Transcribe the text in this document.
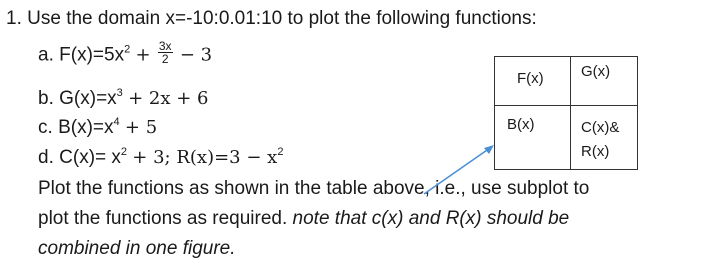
1. Use the domain x=-10:0.01:10 to plot the following functions:
a. $F(x)=5x^2 + \frac{3x}{2} - 3$
b. $G(x)=x^3 + 2x + 6$
c. $B(x)=x^4 + 5$
d. $C(x)= x^2 + 3$; $R(x)=3 - x^2$
Plot the functions as shown in the table above, i.e., use subplot to
plot the functions as required. note that c(x) and R(x) should be
combined in one figure.
F(x) G(x)
B(x)	C(x)&
R(x)
